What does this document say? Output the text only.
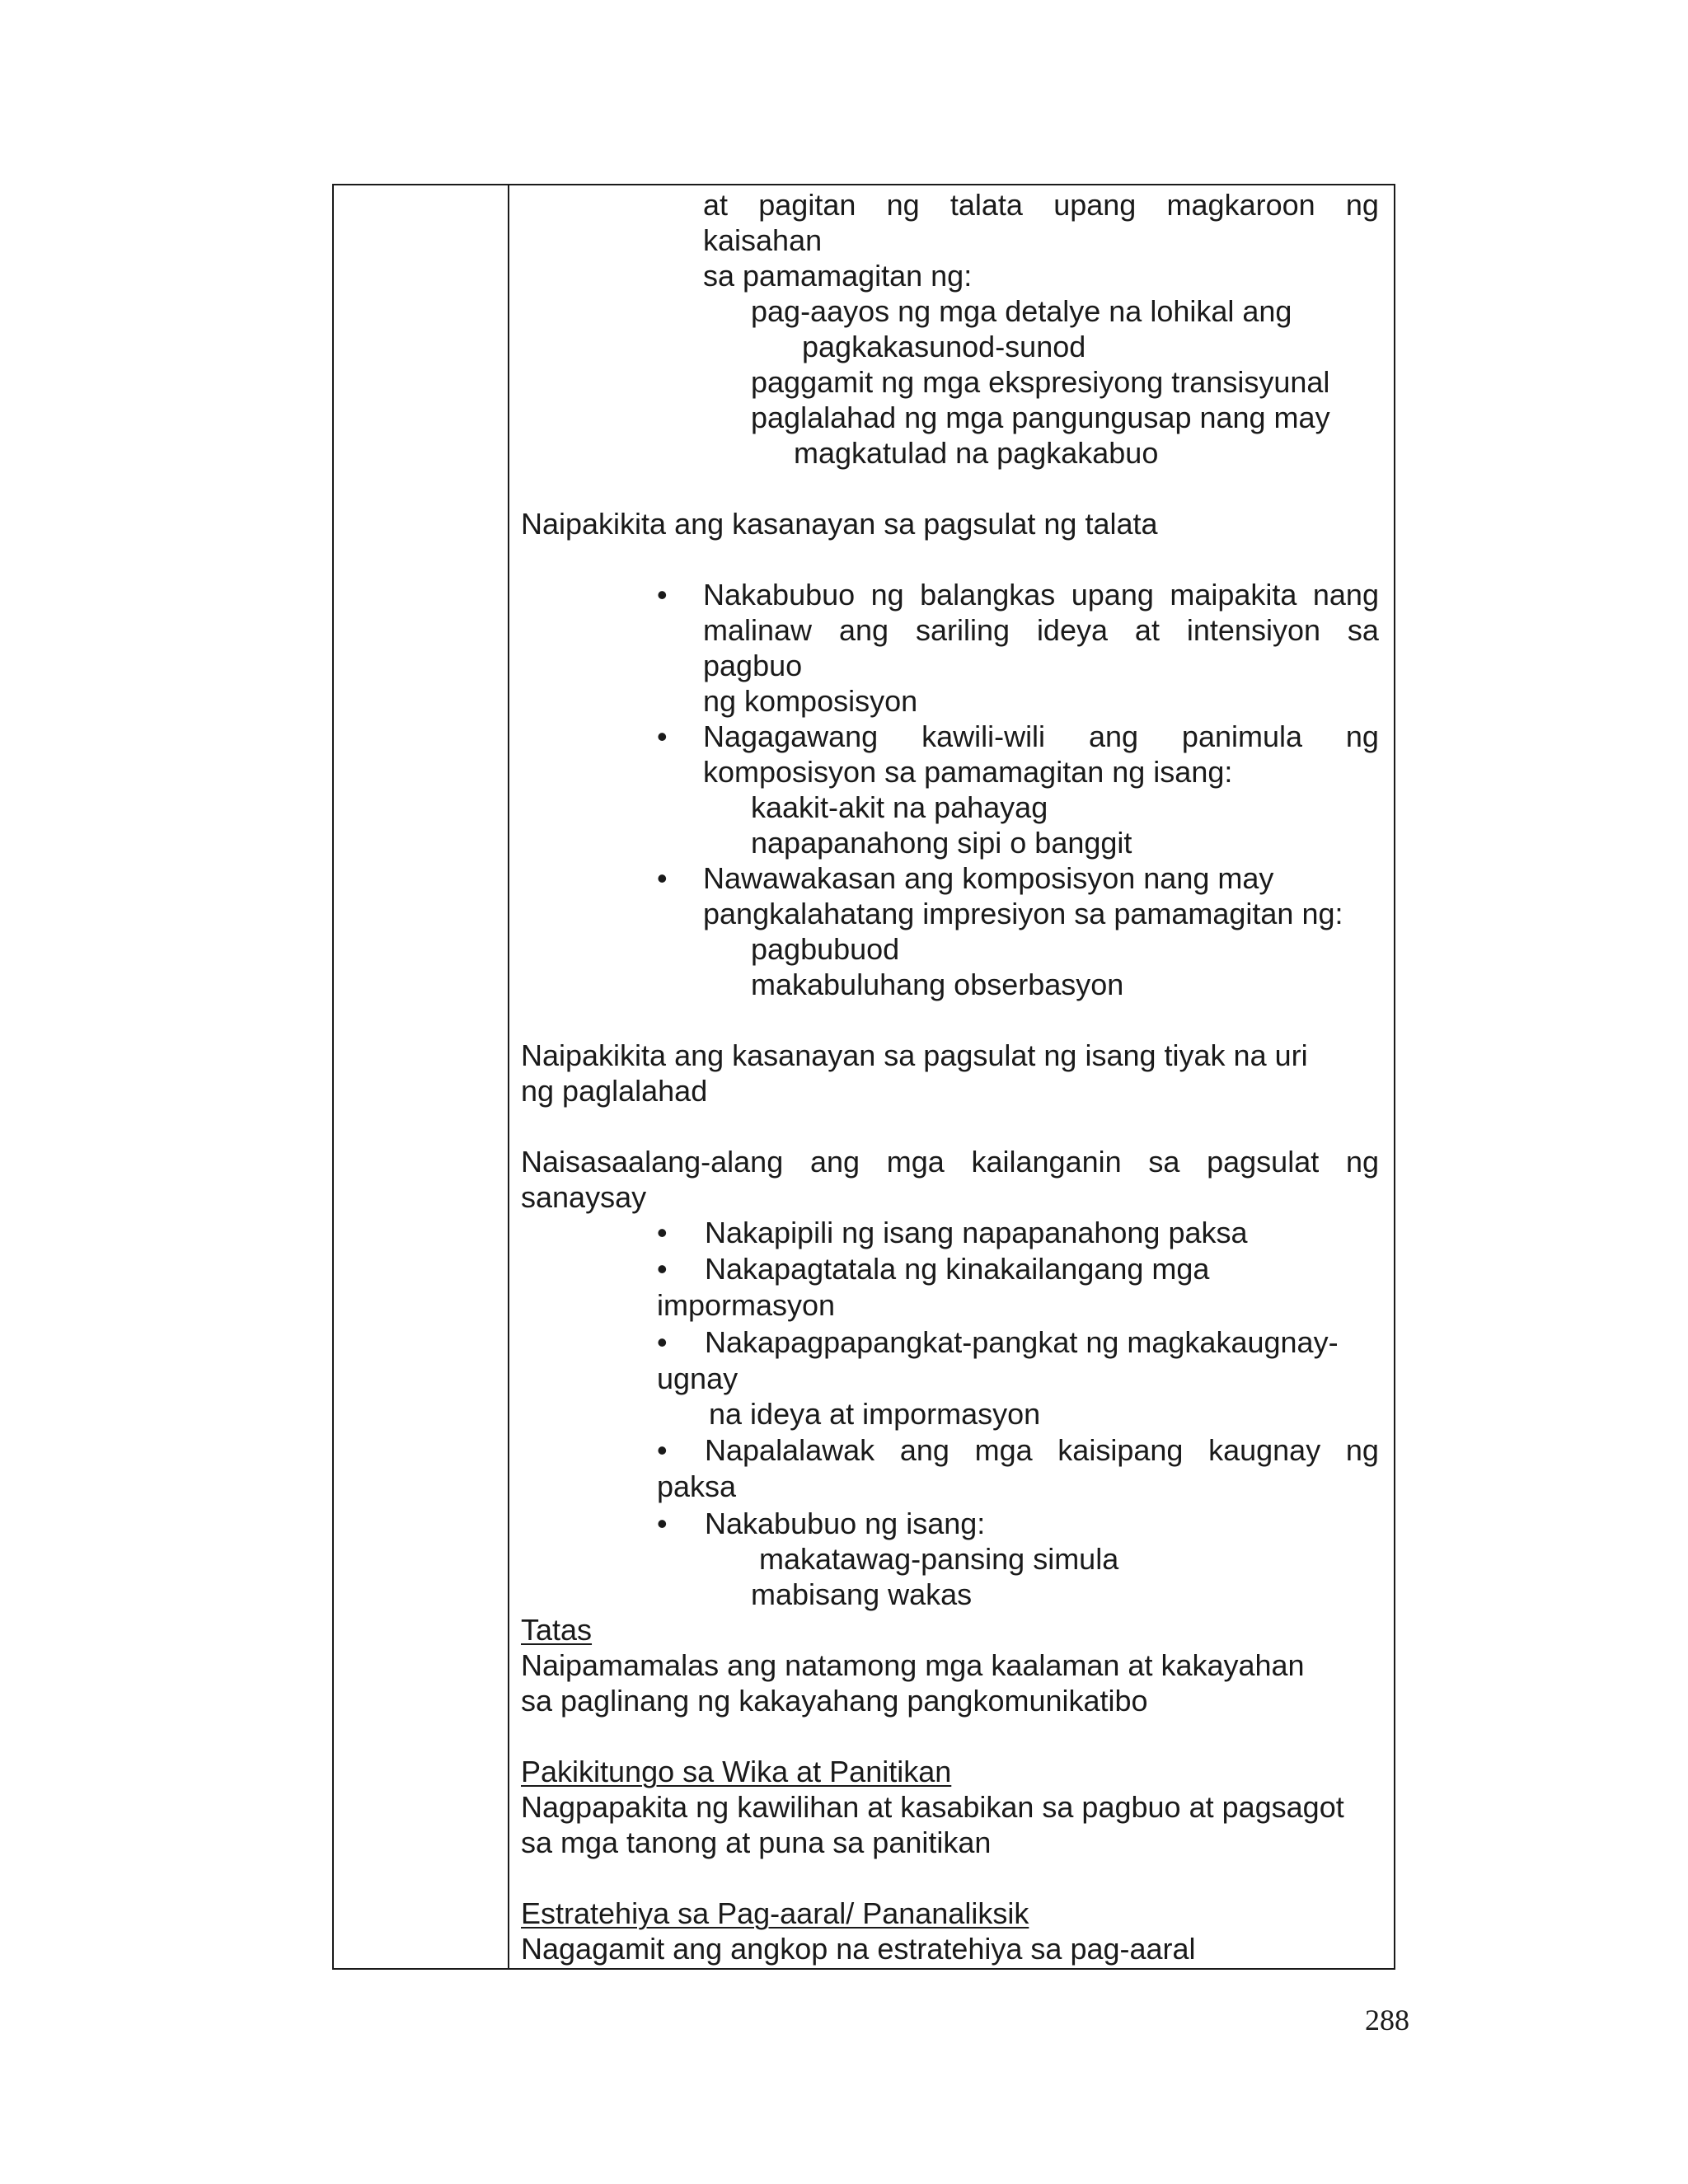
at pagitan ng talata upang magkaroon ng
kaisahan
sa pamamagitan ng:
pag-aayos ng mga detalye na lohikal ang
pagkakasunod-sunod
paggamit ng mga ekspresiyong transisyunal
paglalahad ng mga pangungusap nang may
magkatulad na pagkakabuo
Naipakikita ang kasanayan sa pagsulat ng talata
• Nakabubuo ng balangkas upang maipakita nang
malinaw ang sariling ideya at intensiyon sa
pagbuo
ng komposisyon
• Nagagawang kawili-wili ang panimula ng
komposisyon sa pamamagitan ng isang:
kaakit-akit na pahayag
napapanahong sipi o banggit
• Nawawakasan ang komposisyon nang may
pangkalahatang impresiyon sa pamamagitan ng:
pagbubuod
makabuluhang obserbasyon
Naipakikita ang kasanayan sa pagsulat ng isang tiyak na uri
ng paglalahad
Naisasaalang-alang ang mga kailanganin sa pagsulat ng
sanaysay
• Nakapipili ng isang napapanahong paksa
• Nakapagtatala ng kinakailangang mga
impormasyon
• Nakapagpapangkat-pangkat ng magkakaugnay-
ugnay
na ideya at impormasyon
• Napalalawak ang mga kaisipang kaugnay ng
paksa
• Nakabubuo ng isang:
makatawag-pansing simula
mabisang wakas
Tatas
Naipamamalas ang natamong mga kaalaman at kakayahan
sa paglinang ng kakayahang pangkomunikatibo
Pakikitungo sa Wika at Panitikan
Nagpapakita ng kawilihan at kasabikan sa pagbuo at pagsagot
sa mga tanong at puna sa panitikan
Estratehiya sa Pag-aaral/ Pananaliksik
Nagagamit ang angkop na estratehiya sa pag-aaral
288
